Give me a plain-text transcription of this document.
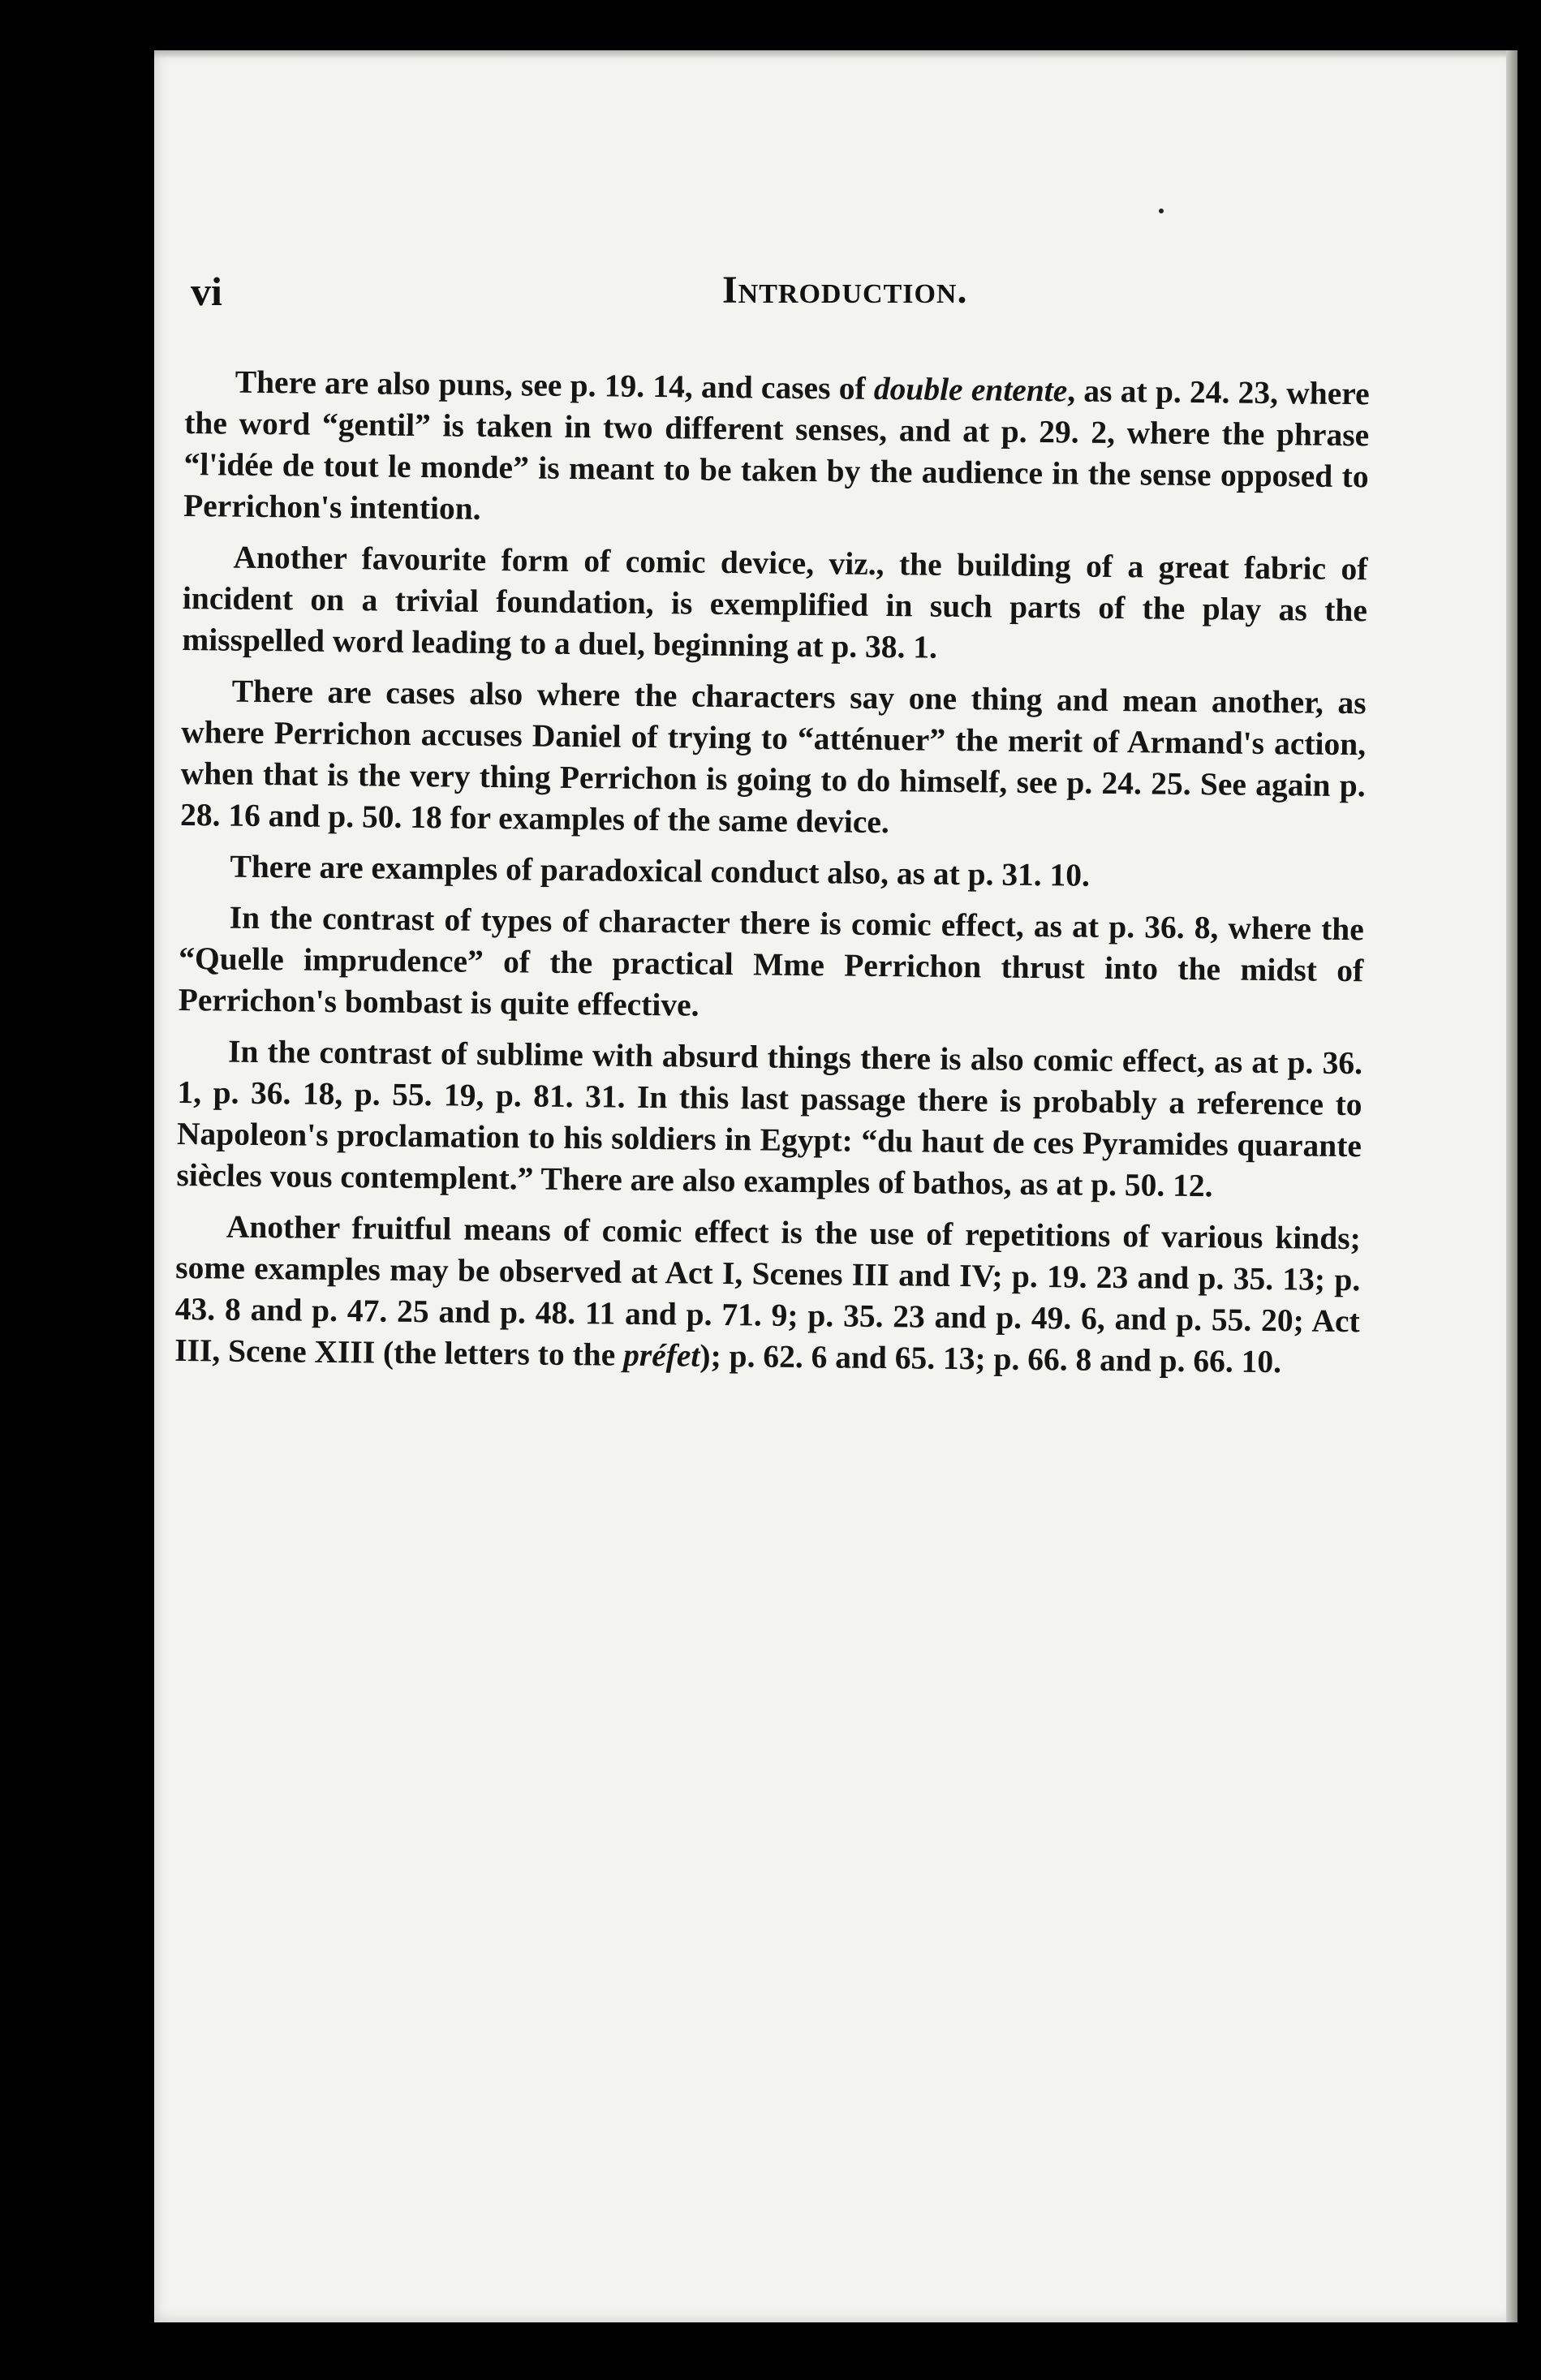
vi	Introduction.

There are also puns, see p. 19. 14, and cases of double entente, as at p. 24. 23, where the word “gentil” is taken in two different senses, and at p. 29. 2, where the phrase “l'idée de tout le monde” is meant to be taken by the audience in the sense opposed to Perrichon's intention.

Another favourite form of comic device, viz., the building of a great fabric of incident on a trivial foundation, is exemplified in such parts of the play as the misspelled word leading to a duel, beginning at p. 38. 1.

There are cases also where the characters say one thing and mean another, as where Perrichon accuses Daniel of trying to “atténuer” the merit of Armand's action, when that is the very thing Perrichon is going to do himself, see p. 24. 25. See again p. 28. 16 and p. 50. 18 for examples of the same device.

There are examples of paradoxical conduct also, as at p. 31. 10.

In the contrast of types of character there is comic effect, as at p. 36. 8, where the “Quelle imprudence” of the practical Mme Perrichon thrust into the midst of Perrichon's bombast is quite effective.

In the contrast of sublime with absurd things there is also comic effect, as at p. 36. 1, p. 36. 18, p. 55. 19, p. 81. 31. In this last passage there is probably a reference to Napoleon's proclamation to his soldiers in Egypt: “du haut de ces Pyramides quarante siècles vous contemplent.” There are also examples of bathos, as at p. 50. 12.

Another fruitful means of comic effect is the use of repetitions of various kinds; some examples may be observed at Act I, Scenes III and IV; p. 19. 23 and p. 35. 13; p. 43. 8 and p. 47. 25 and p. 48. 11 and p. 71. 9; p. 35. 23 and p. 49. 6, and p. 55. 20; Act III, Scene XIII (the letters to the préfet); p. 62. 6 and 65. 13; p. 66. 8 and p. 66. 10.
